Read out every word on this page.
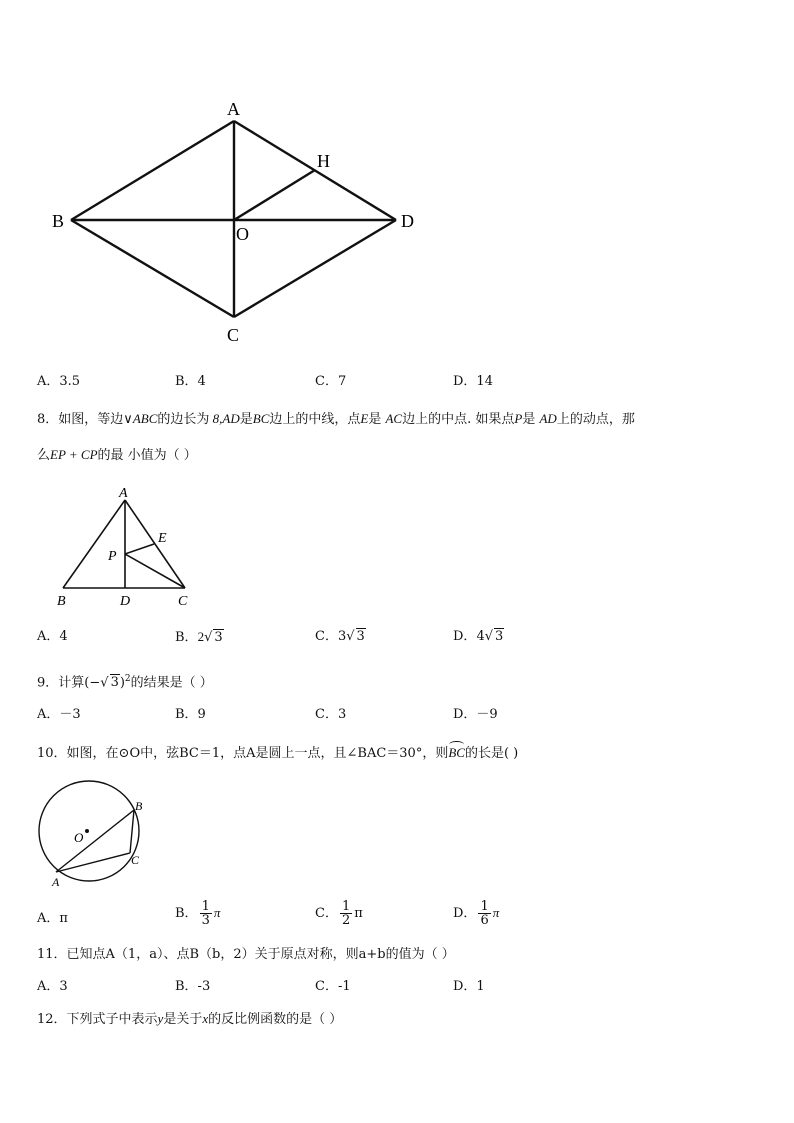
A
B
C
D
O
H
A．3.5	B．4	C．7	D．14
8．如图，等边∨ABC的边长为 8,AD是BC边上的中线，点E是 AC边上的中点. 如果点P是 AD上的动点，那
么EP + CP的最 小值为（ ）
A
B	D	C
E
P
A．4	B．2√ 3	C．3√ 3	D．4√ 3
9．计算(−√ 3)$^2$的结果是（ ）
A．－3	B．9	C．3	D．－9
10．如图，在⊙O中，弦BC＝1，点A是圆上一点，且∠BAC＝30°，则BC的长是( )
O
B
C
A
A．π	B． $\frac{1}{3}$ π	C． $\frac{1}{2}$ π	D． $\frac{1}{6}$ π
11．已知点A（1，a）、点B（b，2）关于原点对称，则a+b的值为（ ）
A．3	B．-3	C．-1	D．1
12．下列式子中表示y是关于x的反比例函数的是（ ）
